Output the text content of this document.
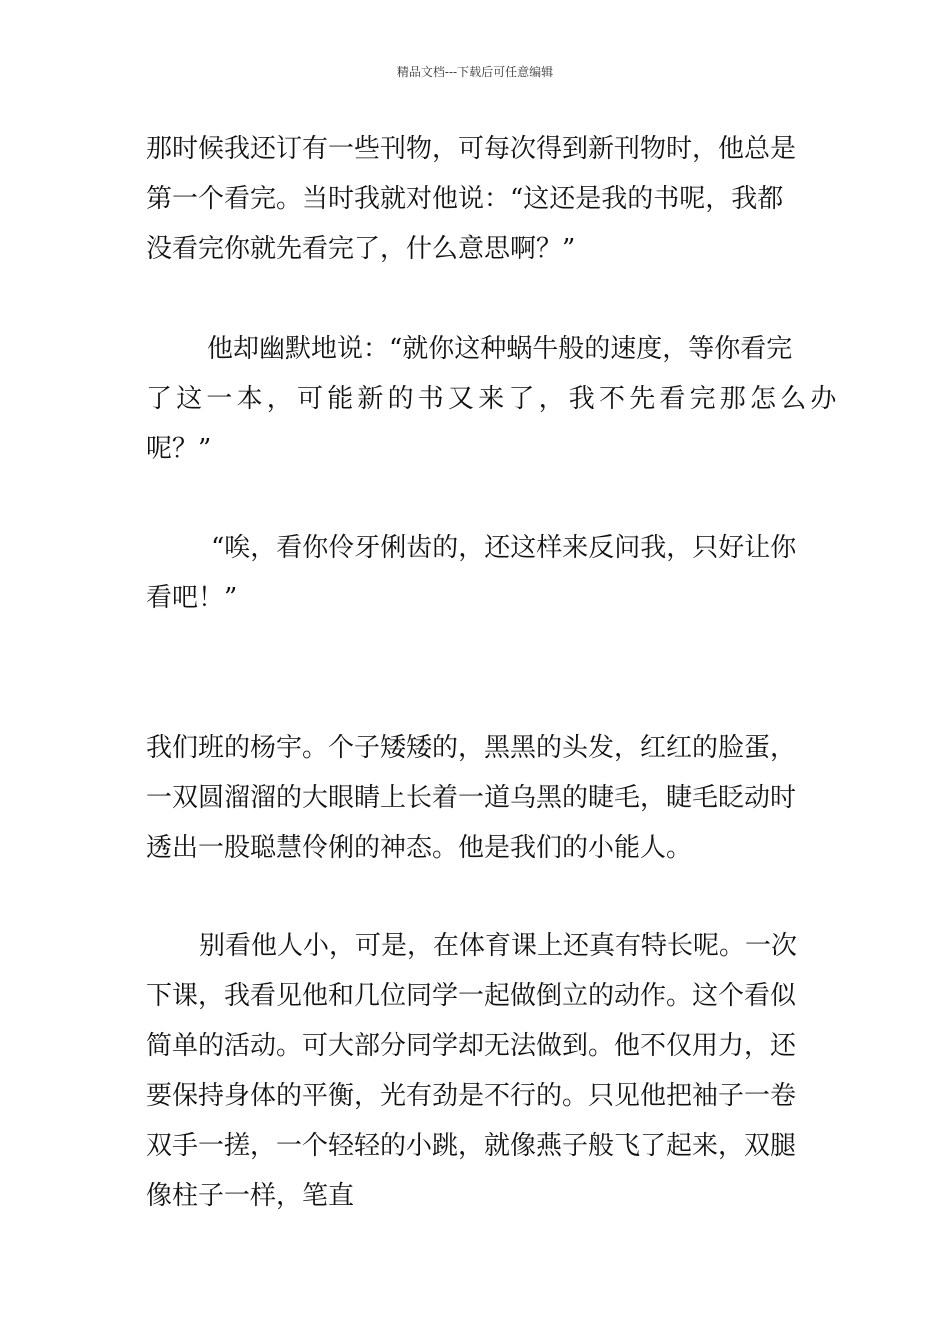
精品文档---下载后可任意编辑
那时候我还订有一些刊物，可每次得到新刊物时，他总是
第一个看完。当时我就对他说：“这还是我的书呢，我都
没看完你就先看完了，什么意思啊？”
他却幽默地说：“就你这种蜗牛般的速度，等你看完
了这一本，可能新的书又来了，我不先看完那怎么办
呢？”
“唉，看你伶牙俐齿的，还这样来反问我，只好让你
看吧！”
我们班的杨宇。个子矮矮的，黑黑的头发，红红的脸蛋，
一双圆溜溜的大眼睛上长着一道乌黑的睫毛，睫毛眨动时
透出一股聪慧伶俐的神态。他是我们的小能人。
别看他人小，可是，在体育课上还真有特长呢。一次
下课，我看见他和几位同学一起做倒立的动作。这个看似
简单的活动。可大部分同学却无法做到。他不仅用力，还
要保持身体的平衡，光有劲是不行的。只见他把袖子一卷
双手一搓，一个轻轻的小跳，就像燕子般飞了起来，双腿
像柱子一样，笔直
